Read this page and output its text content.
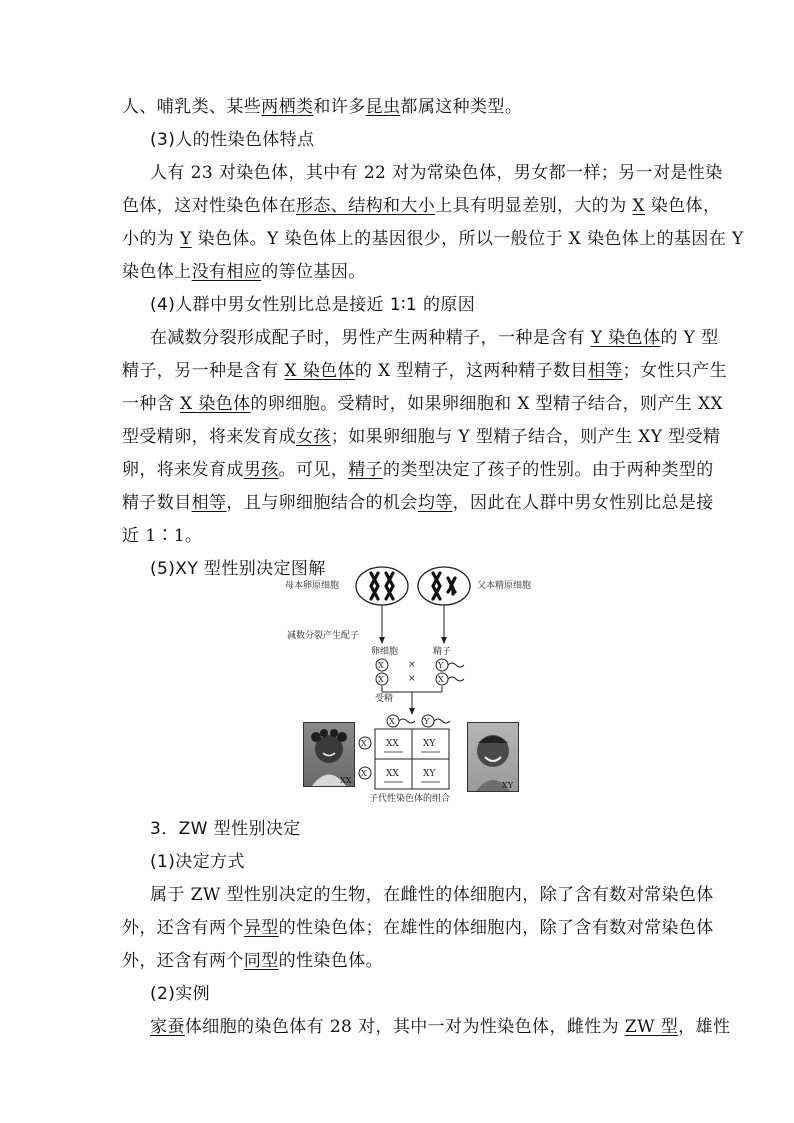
人、哺乳类、某些两栖类和许多昆虫都属这种类型。
(3)人的性染色体特点
人有 23 对染色体，其中有 22 对为常染色体，男女都一样；另一对是性染
色体，这对性染色体在形态、结构和大小上具有明显差别，大的为 X 染色体，
小的为 Y 染色体。Y 染色体上的基因很少，所以一般位于 X 染色体上的基因在 Y
染色体上没有相应的等位基因。
(4)人群中男女性别比总是接近 1∶1 的原因
在减数分裂形成配子时，男性产生两种精子，一种是含有 Y 染色体的 Y 型
精子，另一种是含有 X 染色体的 X 型精子，这两种精子数目相等；女性只产生
一种含 X 染色体的卵细胞。受精时，如果卵细胞和 X 型精子结合，则产生 XX
型受精卵，将来发育成女孩；如果卵细胞与 Y 型精子结合，则产生 XY 型受精
卵，将来发育成男孩。可见，精子的类型决定了孩子的性别。由于两种类型的
精子数目相等，且与卵细胞结合的机会均等，因此在人群中男女性别比总是接
近 1∶1。
(5)XY 型性别决定图解
母本卵原细胞	父本精原细胞
减数分裂产生配子
卵细胞	精子
X
X
Y
X
×
×
受精
X	Y
X
X
XX	XY
XX	XY
子代性染色体的组合
XX
XY
3．ZW 型性别决定
(1)决定方式
属于 ZW 型性别决定的生物，在雌性的体细胞内，除了含有数对常染色体
外，还含有两个异型的性染色体；在雄性的体细胞内，除了含有数对常染色体
外，还含有两个同型的性染色体。
(2)实例
家蚕体细胞的染色体有 28 对，其中一对为性染色体，雌性为 ZW 型，雄性
